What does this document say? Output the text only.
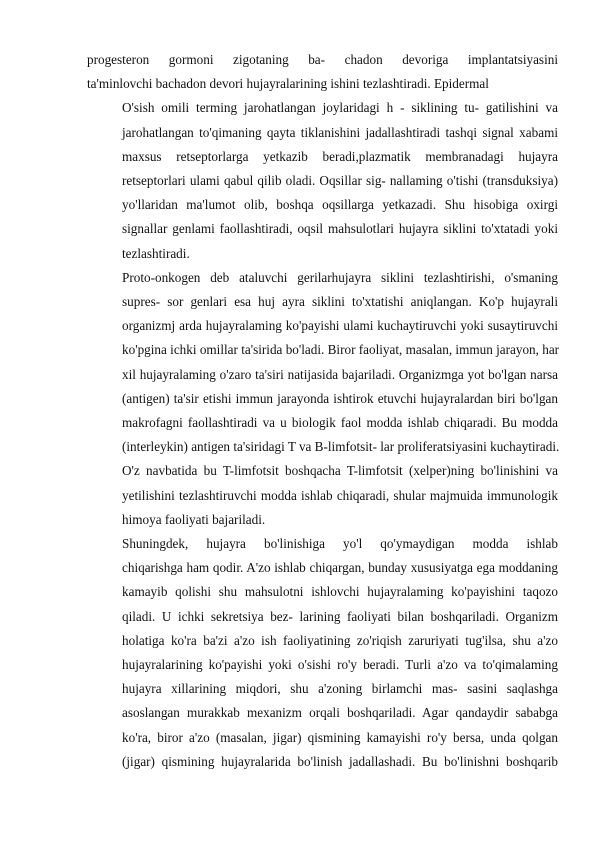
progesteron gormoni zigotaning ba- chadon devoriga implantatsiyasini
ta'minlovchi bachadon devori hujayralarining ishini tezlashtiradi. Epidermal
O'sish omili terming jarohatlangan joylaridagi h - siklining tu- gatilishini va
jarohatlangan to'qimaning qayta tiklanishini jadallashtiradi tashqi signal xabami
maxsus retseptorlarga yetkazib beradi,plazmatik membranadagi hujayra
retseptorlari ulami qabul qilib oladi. Oqsillar sig- nallaming o'tishi (transduksiya)
yo'llaridan ma'lumot olib, boshqa oqsillarga yetkazadi. Shu hisobiga oxirgi
signallar genlami faollashtiradi, oqsil mahsulotlari hujayra siklini to'xtatadi yoki
tezlashtiradi.
Proto-onkogen deb ataluvchi gerilarhujayra siklini tezlashtirishi, o'smaning
supres- sor genlari esa huj ayra siklini to'xtatishi aniqlangan. Ko'p hujayrali
organizmj arda hujayralaming ko'payishi ulami kuchaytiruvchi yoki susaytiruvchi
ko'pgina ichki omillar ta'sirida bo'ladi. Biror faoliyat, masalan, immun jarayon, har
xil hujayralaming o'zaro ta'siri natijasida bajariladi. Organizmga yot bo'lgan narsa
(antigen) ta'sir etishi immun jarayonda ishtirok etuvchi hujayralardan biri bo'lgan
makrofagni faollashtiradi va u biologik faol modda ishlab chiqaradi. Bu modda
(interleykin) antigen ta'siridagi T va B-limfotsit- lar proliferatsiyasini kuchaytiradi.
O'z navbatida bu T-limfotsit boshqacha T-limfotsit (xelper)ning bo'linishini va
yetilishini tezlashtiruvchi modda ishlab chiqaradi, shular majmuida immunologik
himoya faoliyati bajariladi.
Shuningdek, hujayra bo'linishiga yo'l qo'ymaydigan modda ishlab
chiqarishga ham qodir. A'zo ishlab chiqargan, bunday xususiyatga ega moddaning
kamayib qolishi shu mahsulotni ishlovchi hujayralaming ko'payishini taqozo
qiladi. U ichki sekretsiya bez- larining faoliyati bilan boshqariladi. Organizm
holatiga ko'ra ba'zi a'zo ish faoliyatining zo'riqish zaruriyati tug'ilsa, shu a'zo
hujayralarining ko'payishi yoki o'sishi ro'y beradi. Turli a'zo va to'qimalaming
hujayra xillarining miqdori, shu a'zoning birlamchi mas- sasini saqlashga
asoslangan murakkab mexanizm orqali boshqariladi. Agar qandaydir sababga
ko'ra, biror a'zo (masalan, jigar) qismining kamayishi ro'y bersa, unda qolgan
(jigar) qismining hujayralarida bo'linish jadallashadi. Bu bo'linishni boshqarib
